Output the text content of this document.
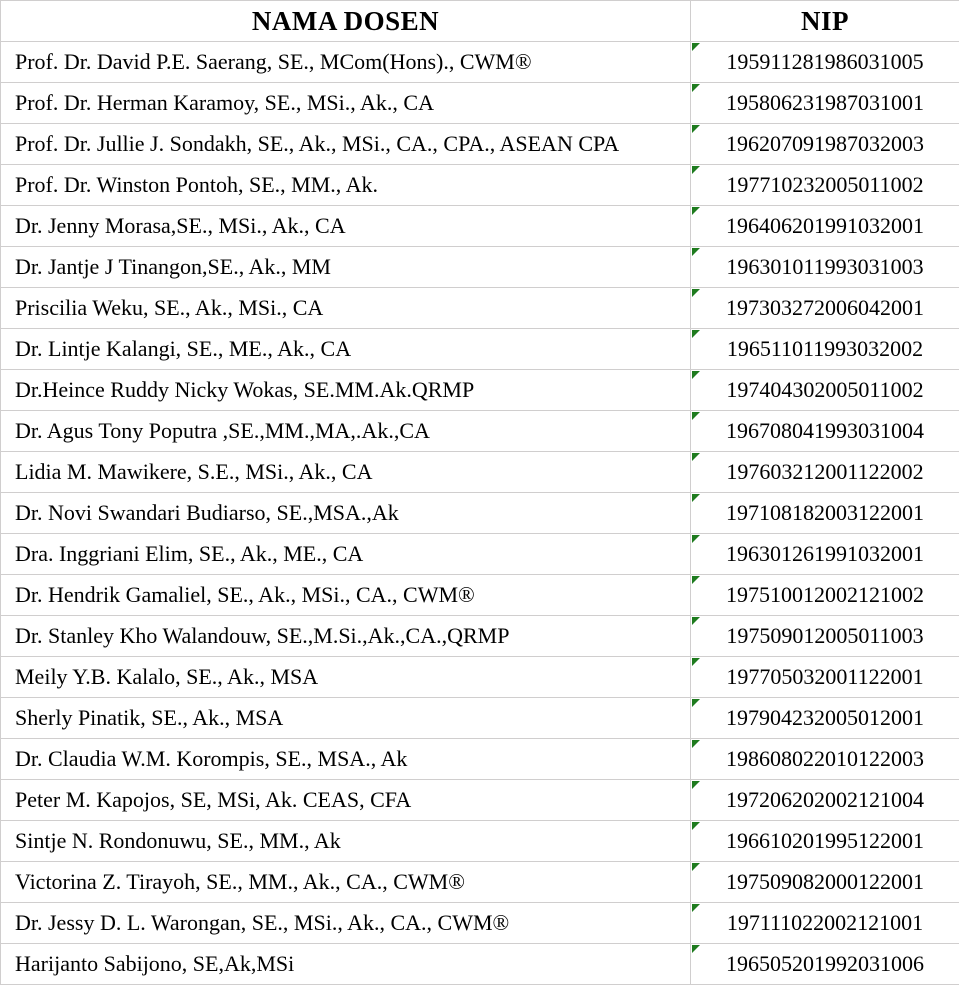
NAMA DOSEN	NIP
Prof. Dr. David P.E. Saerang, SE., MCom(Hons)., CWM®	195911281986031005
Prof. Dr. Herman Karamoy, SE., MSi., Ak., CA	195806231987031001
Prof. Dr. Jullie J. Sondakh, SE., Ak., MSi., CA., CPA., ASEAN CPA	196207091987032003
Prof. Dr. Winston Pontoh, SE., MM., Ak.	197710232005011002
Dr. Jenny Morasa,SE., MSi., Ak., CA	196406201991032001
Dr. Jantje J Tinangon,SE., Ak., MM	196301011993031003
Priscilia Weku, SE., Ak., MSi., CA	197303272006042001
Dr. Lintje Kalangi, SE., ME., Ak., CA	196511011993032002
Dr.Heince Ruddy Nicky Wokas, SE.MM.Ak.QRMP	197404302005011002
Dr. Agus Tony Poputra ,SE.,MM.,MA,.Ak.,CA	196708041993031004
Lidia M. Mawikere, S.E., MSi., Ak., CA	197603212001122002
Dr. Novi Swandari Budiarso, SE.,MSA.,Ak	197108182003122001
Dra. Inggriani Elim, SE., Ak., ME., CA	196301261991032001
Dr. Hendrik Gamaliel, SE., Ak., MSi., CA., CWM®	197510012002121002
Dr. Stanley Kho Walandouw, SE.,M.Si.,Ak.,CA.,QRMP	197509012005011003
Meily Y.B. Kalalo, SE., Ak., MSA	197705032001122001
Sherly Pinatik, SE., Ak., MSA	197904232005012001
Dr. Claudia W.M. Korompis, SE., MSA., Ak	198608022010122003
Peter M. Kapojos, SE, MSi, Ak. CEAS, CFA	197206202002121004
Sintje N. Rondonuwu, SE., MM., Ak	196610201995122001
Victorina Z. Tirayoh, SE., MM., Ak., CA., CWM®	197509082000122001
Dr. Jessy D. L. Warongan, SE., MSi., Ak., CA., CWM®	197111022002121001
Harijanto Sabijono, SE,Ak,MSi	196505201992031006
